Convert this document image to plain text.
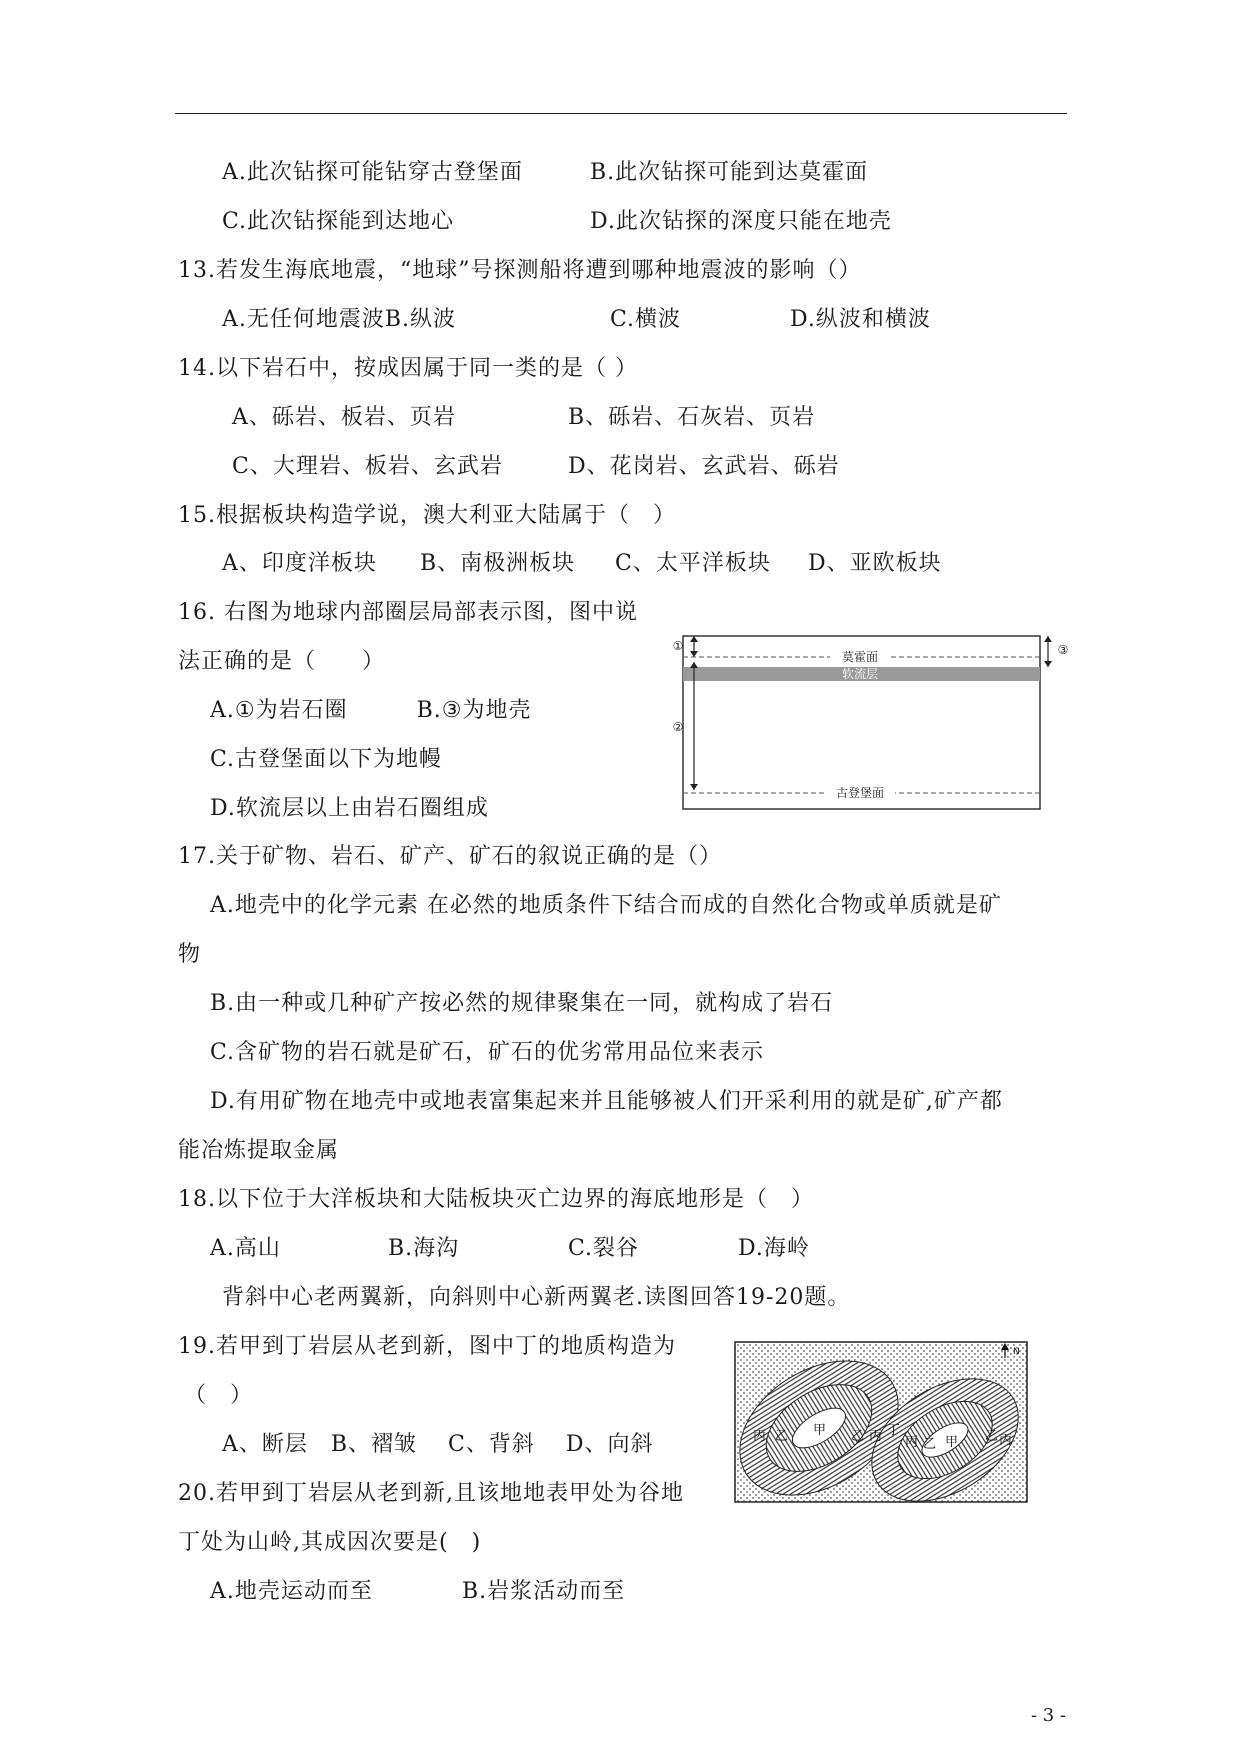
A.此次钻探可能钻穿古登堡面	B.此次钻探可能到达莫霍面
C.此次钻探能到达地心	D.此次钻探的深度只能在地壳
13.若发生海底地震，“地球”号探测船将遭到哪种地震波的影响（）
A.无任何地震波B.纵波	C.横波	D.纵波和横波
14.以下岩石中，按成因属于同一类的是（ ）
A、砾岩、板岩、页岩	B、砾岩、石灰岩、页岩
C、大理岩、板岩、玄武岩	D、花岗岩、玄武岩、砾岩
15.根据板块构造学说，澳大利亚大陆属于（　）
A、印度洋板块 B、南极洲板块 C、太平洋板块 D、亚欧板块
16. 右图为地球内部圈层局部表示图，图中说
法正确的是（　　）
A.①为岩石圈　　　B.③为地壳
C.古登堡面以下为地幔
D.软流层以上由岩石圈组成
莫霍面
软流层
古登堡面
①
②
③
17.关于矿物、岩石、矿产、矿石的叙说正确的是（）
A.地壳中的化学元素 在必然的地质条件下结合而成的自然化合物或单质就是矿
物
B.由一种或几种矿产按必然的规律聚集在一同，就构成了岩石
C.含矿物的岩石就是矿石，矿石的优劣常用品位来表示
D.有用矿物在地壳中或地表富集起来并且能够被人们开采利用的就是矿,矿产都
能冶炼提取金属
18.以下位于大洋板块和大陆板块灭亡边界的海底地形是（　）
A.高山	B.海沟	C.裂谷	D.海岭
背斜中心老两翼新，向斜则中心新两翼老.读图回答19-20题。
19.若甲到丁岩层从老到新，图中丁的地质构造为
（　）
A、断层　B、褶皱　 C、背斜　 D、向斜	丙 乙 甲 乙 丙 丁
丙 乙 甲 乙 丙
N
20.若甲到丁岩层从老到新,且该地地表甲处为谷地
丁处为山岭,其成因次要是(　)
A.地壳运动而至	B.岩浆活动而至
- 3 -
